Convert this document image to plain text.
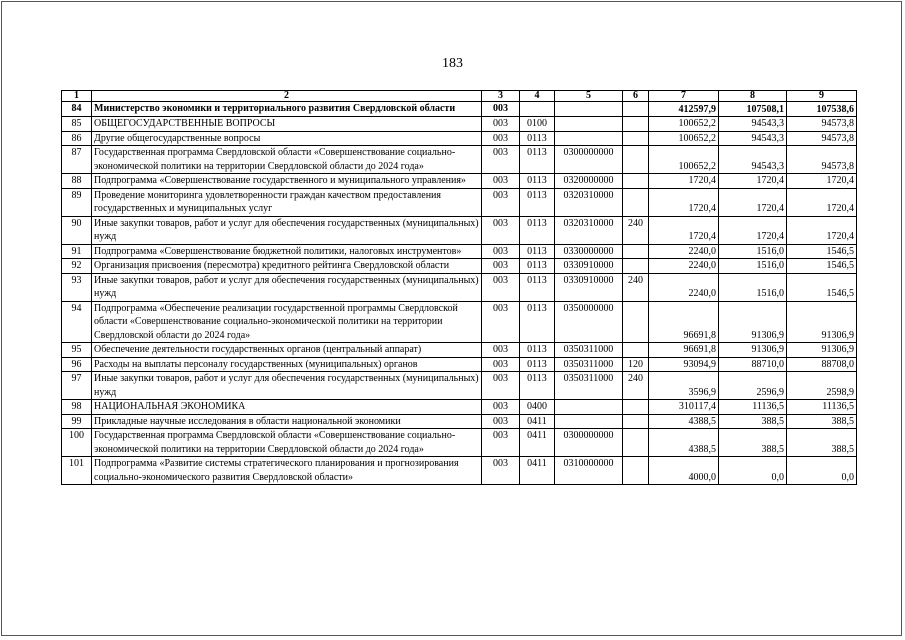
183
1	2	3	4	5	6	7	8	9
84	Министерство экономики и территориального развития Свердловской области	003				412597,9	107508,1	107538,6
85	ОБЩЕГОСУДАРСТВЕННЫЕ ВОПРОСЫ	003	0100			100652,2	94543,3	94573,8
86	Другие общегосударственные вопросы	003	0113			100652,2	94543,3	94573,8
87	Государственная программа Свердловской области «Совершенствование социально-экономической политики на территории Свердловской области до 2024 года»	003	0113	0300000000		100652,2	94543,3	94573,8
88	Подпрограмма «Совершенствование государственного и муниципального управления»	003	0113	0320000000		1720,4	1720,4	1720,4
89	Проведение мониторинга удовлетворенности граждан качеством предоставления государственных и муниципальных услуг	003	0113	0320310000		1720,4	1720,4	1720,4
90	Иные закупки товаров, работ и услуг для обеспечения государственных (муниципальных) нужд	003	0113	0320310000	240	1720,4	1720,4	1720,4
91	Подпрограмма «Совершенствование бюджетной политики, налоговых инструментов»	003	0113	0330000000		2240,0	1516,0	1546,5
92	Организация присвоения (пересмотра) кредитного рейтинга Свердловской области	003	0113	0330910000		2240,0	1516,0	1546,5
93	Иные закупки товаров, работ и услуг для обеспечения государственных (муниципальных) нужд	003	0113	0330910000	240	2240,0	1516,0	1546,5
94	Подпрограмма «Обеспечение реализации государственной программы Свердловской области «Совершенствование социально-экономической политики на территории Свердловской области до 2024 года»	003	0113	0350000000		96691,8	91306,9	91306,9
95	Обеспечение деятельности государственных органов (центральный аппарат)	003	0113	0350311000		96691,8	91306,9	91306,9
96	Расходы на выплаты персоналу государственных (муниципальных) органов	003	0113	0350311000	120	93094,9	88710,0	88708,0
97	Иные закупки товаров, работ и услуг для обеспечения государственных (муниципальных) нужд	003	0113	0350311000	240	3596,9	2596,9	2598,9
98	НАЦИОНАЛЬНАЯ ЭКОНОМИКА	003	0400			310117,4	11136,5	11136,5
99	Прикладные научные исследования в области национальной экономики	003	0411			4388,5	388,5	388,5
100	Государственная программа Свердловской области «Совершенствование социально-экономической политики на территории Свердловской области до 2024 года»	003	0411	0300000000		4388,5	388,5	388,5
101	Подпрограмма «Развитие системы стратегического планирования и прогнозирования социально-экономического развития Свердловской области»	003	0411	0310000000		4000,0	0,0	0,0
